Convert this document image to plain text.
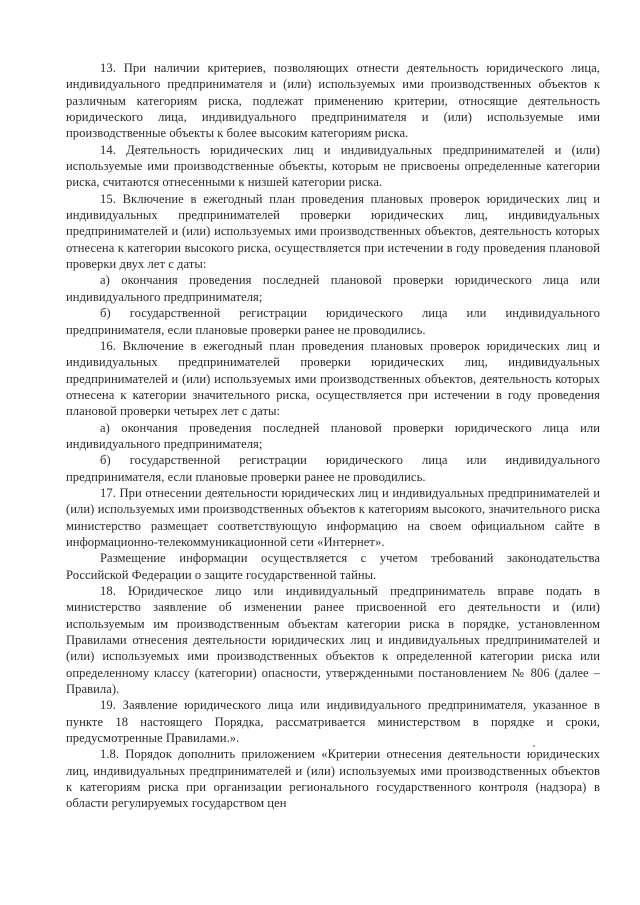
13. При наличии критериев, позволяющих отнести деятельность юридического лица, индивидуального предпринимателя и (или) используемых ими производственных объектов к различным категориям риска, подлежат применению критерии, относящие деятельность юридического лица, индивидуального предпринимателя и (или) используемые ими производственные объекты к более высоким категориям риска.

14. Деятельность юридических лиц и индивидуальных предпринимателей и (или) используемые ими производственные объекты, которым не присвоены определенные категории риска, считаются отнесенными к низшей категории риска.

15. Включение в ежегодный план проведения плановых проверок юридических лиц и индивидуальных предпринимателей проверки юридических лиц, индивидуальных предпринимателей и (или) используемых ими производственных объектов, деятельность которых отнесена к категории высокого риска, осуществляется при истечении в году проведения плановой проверки двух лет с даты:

а) окончания проведения последней плановой проверки юридического лица или индивидуального предпринимателя;

б) государственной регистрации юридического лица или индивидуального предпринимателя, если плановые проверки ранее не проводились.

16. Включение в ежегодный план проведения плановых проверок юридических лиц и индивидуальных предпринимателей проверки юридических лиц, индивидуальных предпринимателей и (или) используемых ими производственных объектов, деятельность которых отнесена к категории значительного риска, осуществляется при истечении в году проведения плановой проверки четырех лет с даты:

а) окончания проведения последней плановой проверки юридического лица или индивидуального предпринимателя;

б) государственной регистрации юридического лица или индивидуального предпринимателя, если плановые проверки ранее не проводились.

17. При отнесении деятельности юридических лиц и индивидуальных предпринимателей и (или) используемых ими производственных объектов к категориям высокого, значительного риска министерство размещает соответствующую информацию на своем официальном сайте в информационно-телекоммуникационной сети «Интернет».

Размещение информации осуществляется с учетом требований законодательства Российской Федерации о защите государственной тайны.

18. Юридическое лицо или индивидуальный предприниматель вправе подать в министерство заявление об изменении ранее присвоенной его деятельности и (или) используемым им производственным объектам категории риска в порядке, установленном Правилами отнесения деятельности юридических лиц и индивидуальных предпринимателей и (или) используемых ими производственных объектов к определенной категории риска или определенному классу (категории) опасности, утвержденными постановлением № 806 (далее – Правила).

19. Заявление юридического лица или индивидуального предпринимателя, указанное в пункте 18 настоящего Порядка, рассматривается министерством в порядке и сроки, предусмотренные Правилами.».

1.8. Порядок дополнить приложением «Критерии отнесения деятельности юридических лиц, индивидуальных предпринимателей и (или) используемых ими производственных объектов к категориям риска при организации регионального государственного контроля (надзора) в области регулируемых государством цен
